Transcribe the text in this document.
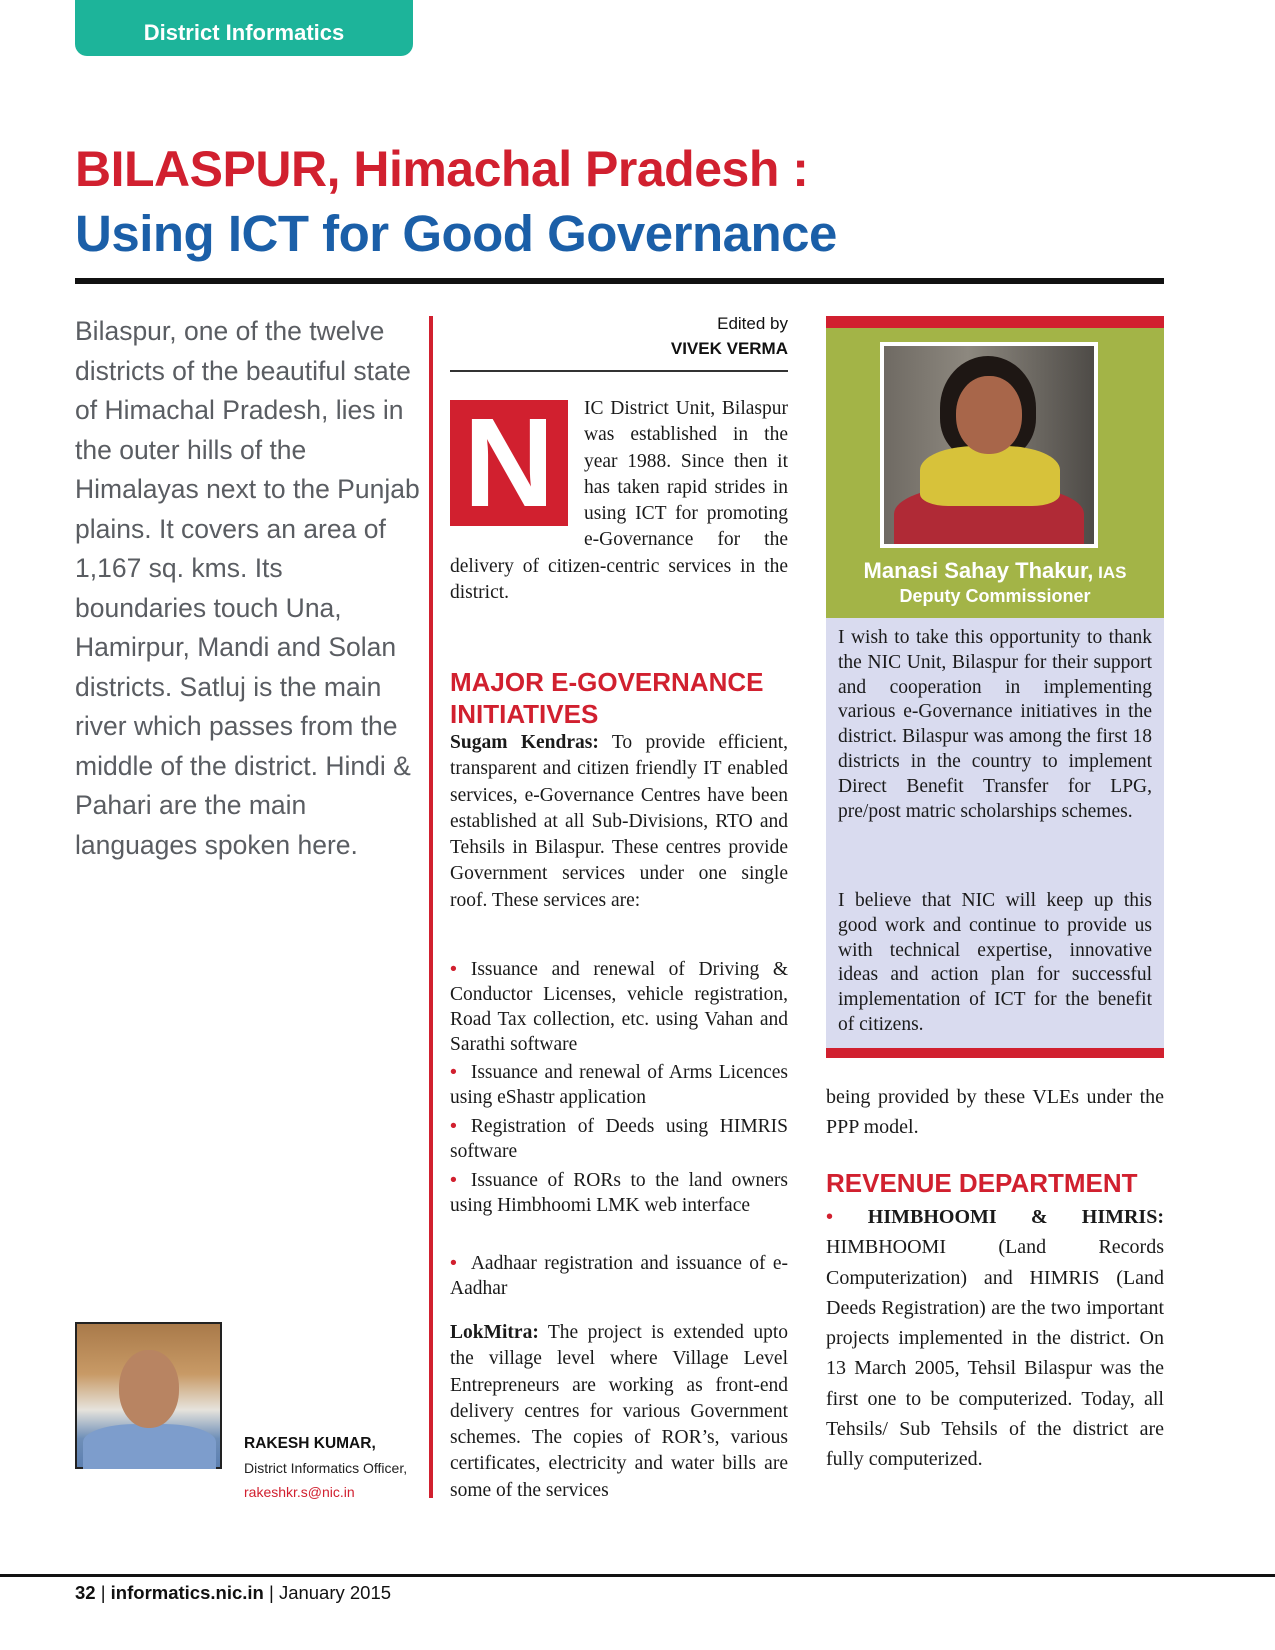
District Informatics
BILASPUR, Himachal Pradesh :
Using ICT for Good Governance
Bilaspur, one of the twelve districts of the beautiful state of Himachal Pradesh, lies in the outer hills of the Himalayas next to the Punjab plains. It covers an area of 1,167 sq. kms. Its boundaries touch Una, Hamirpur, Mandi and Solan districts. Satluj is the main river which passes from the middle of the district. Hindi & Pahari are the main languages spoken here.
RAKESH KUMAR,
District Informatics Officer,
rakeshkr.s@nic.in
Edited by
VIVEK VERMA
IC District Unit, Bilaspur was established in the year 1988. Since then it has taken rapid strides in using ICT for promoting e-Governance for the delivery of citizen-centric services in the district.
N
MAJOR E-GOVERNANCE INITIATIVES
Sugam Kendras: To provide efficient, transparent and citizen friendly IT enabled services, e-Governance Centres have been established at all Sub-Divisions, RTO and Tehsils in Bilaspur. These centres provide Government services under one single roof. These services are:
• Issuance and renewal of Driving & Conductor Licenses, vehicle registration, Road Tax collection, etc. using Vahan and Sarathi software
• Issuance and renewal of Arms Licences using eShastr application
• Registration of Deeds using HIMRIS software
• Issuance of RORs to the land owners using Himbhoomi LMK web interface
• Aadhaar registration and issuance of e-Aadhar
LokMitra: The project is extended upto the village level where Village Level Entrepreneurs are working as front-end delivery centres for various Government schemes. The copies of ROR’s, various certificates, electricity and water bills are some of the services
Manasi Sahay Thakur, IAS
Deputy Commissioner
I wish to take this opportunity to thank the NIC Unit, Bilaspur for their support and cooperation in implementing various e-Governance initiatives in the district. Bilaspur was among the first 18 districts in the country to implement Direct Benefit Transfer for LPG, pre/post matric scholarships schemes.
I believe that NIC will keep up this good work and continue to provide us with technical expertise, innovative ideas and action plan for successful implementation of ICT for the benefit of citizens.
being provided by these VLEs under the PPP model.
REVENUE DEPARTMENT
• HIMBHOOMI & HIMRIS: HIMBHOOMI (Land Records Computerization) and HIMRIS (Land Deeds Registration) are the two important projects implemented in the district. On 13 March 2005, Tehsil Bilaspur was the first one to be computerized. Today, all Tehsils/ Sub Tehsils of the district are fully computerized.
32 | informatics.nic.in | January 2015
